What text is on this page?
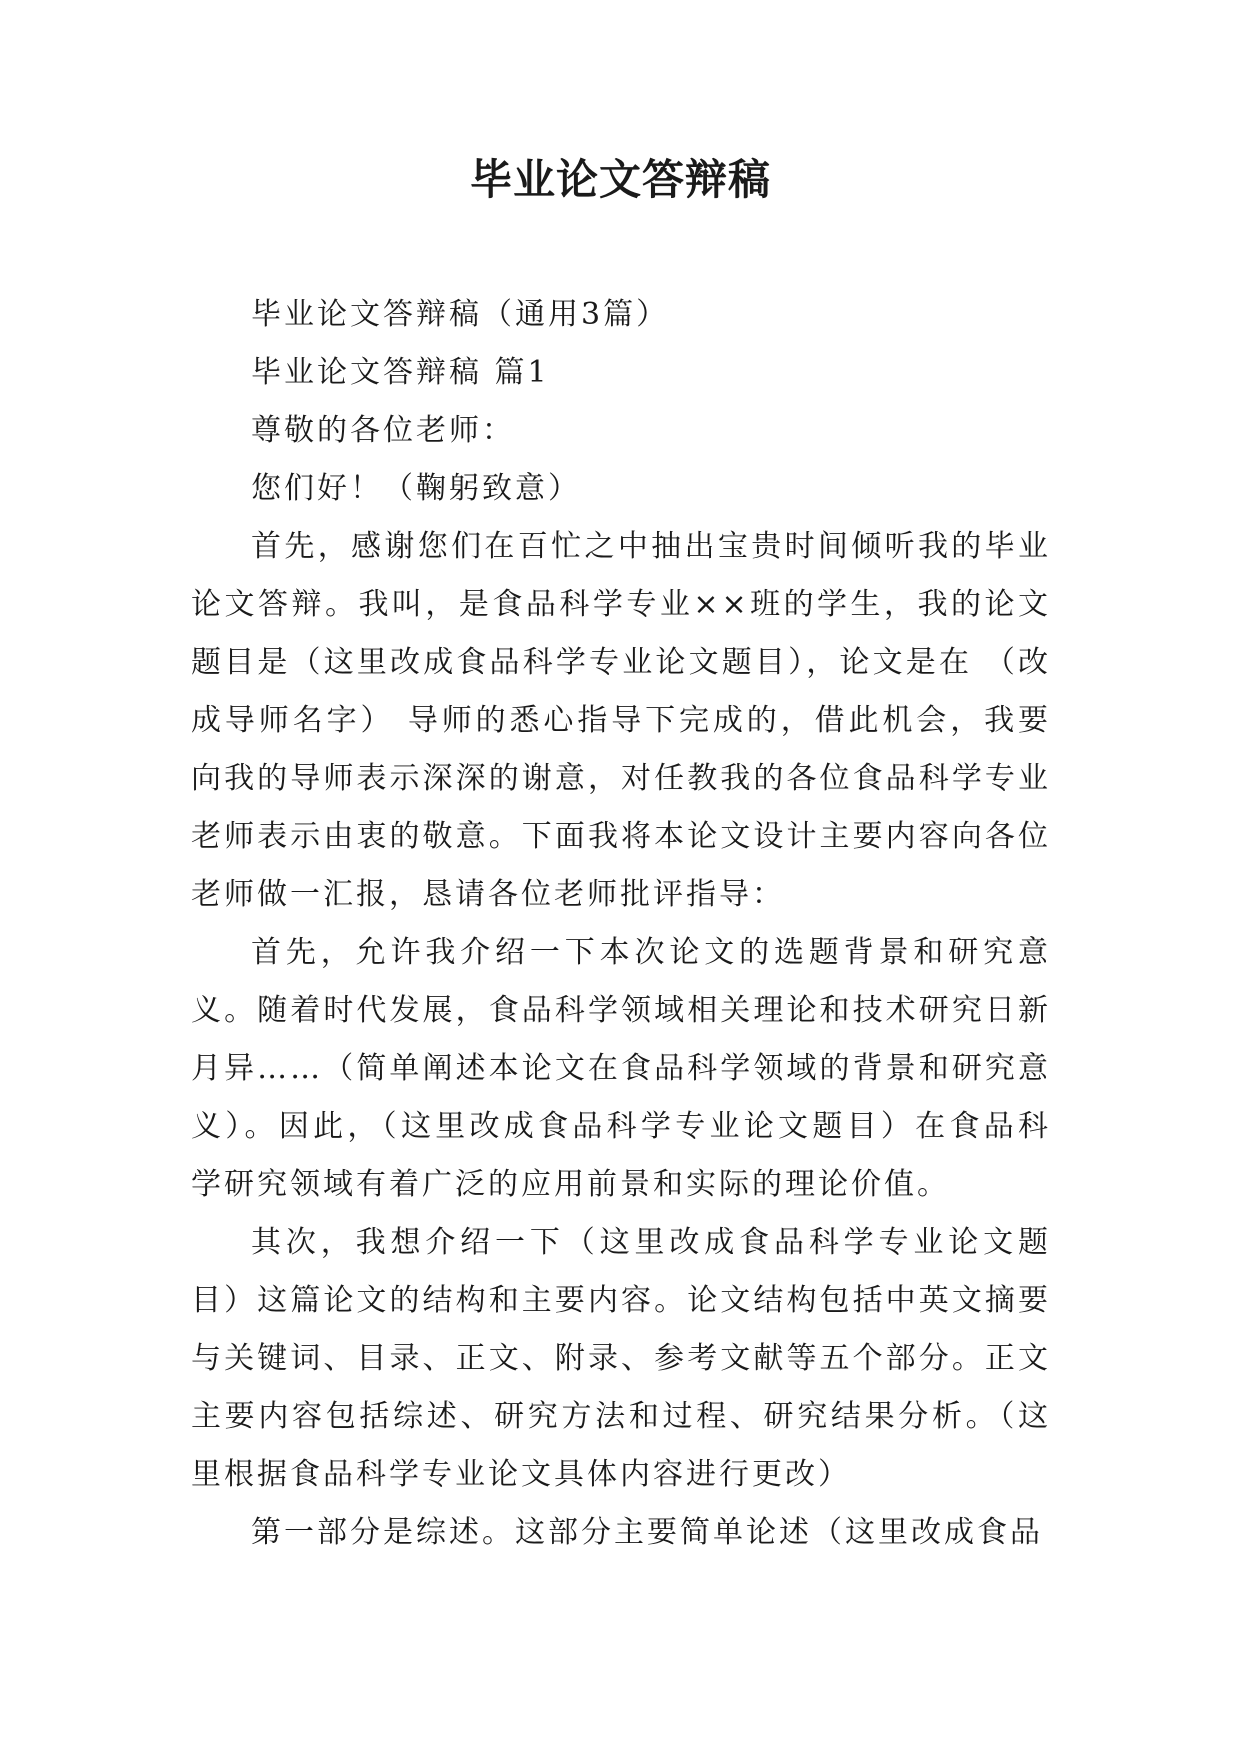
毕业论文答辩稿

毕业论文答辩稿（通用3篇）

毕业论文答辩稿 篇1

尊敬的各位老师：

您们好！（鞠躬致意）

首先，感谢您们在百忙之中抽出宝贵时间倾听我的毕业论文答辩。我叫，是食品科学专业××班的学生，我的论文题目是（这里改成食品科学专业论文题目），论文是在 （改成导师名字） 导师的悉心指导下完成的，借此机会，我要向我的导师表示深深的谢意，对任教我的各位食品科学专业老师表示由衷的敬意。下面我将本论文设计主要内容向各位老师做一汇报，恳请各位老师批评指导：

首先，允许我介绍一下本次论文的选题背景和研究意义。随着时代发展，食品科学领域相关理论和技术研究日新月异……（简单阐述本论文在食品科学领域的背景和研究意义）。因此，（这里改成食品科学专业论文题目）在食品科学研究领域有着广泛的应用前景和实际的理论价值。

其次，我想介绍一下（这里改成食品科学专业论文题目）这篇论文的结构和主要内容。论文结构包括中英文摘要与关键词、目录、正文、附录、参考文献等五个部分。正文主要内容包括综述、研究方法和过程、研究结果分析。（这里根据食品科学专业论文具体内容进行更改）

第一部分是综述。这部分主要简单论述（这里改成食品
